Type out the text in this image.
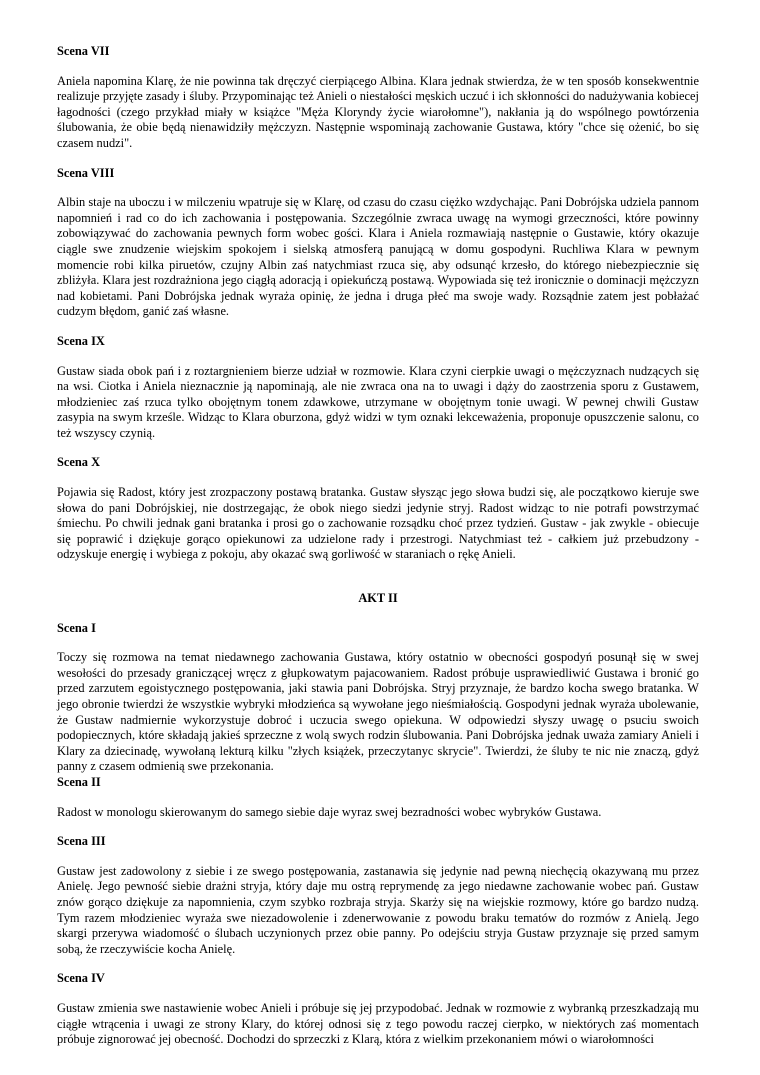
Scena VII
Aniela napomina Klarę, że nie powinna tak dręczyć cierpiącego Albina. Klara jednak stwierdza, że w ten sposób konsekwentnie realizuje przyjęte zasady i śluby. Przypominając też Anieli o niestałości męskich uczuć i ich skłonności do nadużywania kobiecej łagodności (czego przykład miały w książce "Męża Kloryndy życie wiarołomne"), nakłania ją do wspólnego powtórzenia ślubowania, że obie będą nienawidziły mężczyzn. Następnie wspominają zachowanie Gustawa, który "chce się ożenić, bo się czasem nudzi".
Scena VIII
Albin staje na uboczu i w milczeniu wpatruje się w Klarę, od czasu do czasu ciężko wzdychając. Pani Dobrójska udziela pannom napomnień i rad co do ich zachowania i postępowania. Szczególnie zwraca uwagę na wymogi grzeczności, które powinny zobowiązywać do zachowania pewnych form wobec gości. Klara i Aniela rozmawiają następnie o Gustawie, który okazuje ciągle swe znudzenie wiejskim spokojem i sielską atmosferą panującą w domu gospodyni. Ruchliwa Klara w pewnym momencie robi kilka piruetów, czujny Albin zaś natychmiast rzuca się, aby odsunąć krzesło, do którego niebezpiecznie się zbliżyła. Klara jest rozdrażniona jego ciągłą adoracją i opiekuńczą postawą. Wypowiada się też ironicznie o dominacji mężczyzn nad kobietami. Pani Dobrójska jednak wyraża opinię, że jedna i druga płeć ma swoje wady. Rozsądnie zatem jest pobłażać cudzym błędom, ganić zaś własne.
Scena IX
Gustaw siada obok pań i z roztargnieniem bierze udział w rozmowie. Klara czyni cierpkie uwagi o mężczyznach nudzących się na wsi. Ciotka i Aniela nieznacznie ją napominają, ale nie zwraca ona na to uwagi i dąży do zaostrzenia sporu z Gustawem, młodzieniec zaś rzuca tylko obojętnym tonem zdawkowe, utrzymane w obojętnym tonie uwagi. W pewnej chwili Gustaw zasypia na swym krześle. Widząc to Klara oburzona, gdyż widzi w tym oznaki lekceważenia, proponuje opuszczenie salonu, co też wszyscy czynią.
Scena X
Pojawia się Radost, który jest zrozpaczony postawą bratanka. Gustaw słysząc jego słowa budzi się, ale początkowo kieruje swe słowa do pani Dobrójskiej, nie dostrzegając, że obok niego siedzi jedynie stryj. Radost widząc to nie potrafi powstrzymać śmiechu. Po chwili jednak gani bratanka i prosi go o zachowanie rozsądku choć przez tydzień. Gustaw - jak zwykle - obiecuje się poprawić i dziękuje gorąco opiekunowi za udzielone rady i przestrogi. Natychmiast też - całkiem już przebudzony - odzyskuje energię i wybiega z pokoju, aby okazać swą gorliwość w staraniach o rękę Anieli.
AKT II
Scena I
Toczy się rozmowa na temat niedawnego zachowania Gustawa, który ostatnio w obecności gospodyń posunął się w swej wesołości do przesady graniczącej wręcz z głupkowatym pajacowaniem. Radost próbuje usprawiedliwić Gustawa i bronić go przed zarzutem egoistycznego postępowania, jaki stawia pani Dobrójska. Stryj przyznaje, że bardzo kocha swego bratanka. W jego obronie twierdzi że wszystkie wybryki młodzieńca są wywołane jego nieśmiałością. Gospodyni jednak wyraża ubolewanie, że Gustaw nadmiernie wykorzystuje dobroć i uczucia swego opiekuna. W odpowiedzi słyszy uwagę o psuciu swoich podopiecznych, które składają jakieś sprzeczne z wolą swych rodzin ślubowania. Pani Dobrójska jednak uważa zamiary Anieli i Klary za dziecinadę, wywołaną lekturą kilku "złych książek, przeczytanyc skrycie". Twierdzi, że śluby te nic nie znaczą, gdyż panny z czasem odmienią swe przekonania.
Scena II
Radost w monologu skierowanym do samego siebie daje wyraz swej bezradności wobec wybryków Gustawa.
Scena III
Gustaw jest zadowolony z siebie i ze swego postępowania, zastanawia się jedynie nad pewną niechęcią okazywaną mu przez Anielę. Jego pewność siebie drażni stryja, który daje mu ostrą reprymendę za jego niedawne zachowanie wobec pań. Gustaw znów gorąco dziękuje za napomnienia, czym szybko rozbraja stryja. Skarży się na wiejskie rozmowy, które go bardzo nudzą. Tym razem młodzieniec wyraża swe niezadowolenie i zdenerwowanie z powodu braku tematów do rozmów z Anielą. Jego skargi przerywa wiadomość o ślubach uczynionych przez obie panny. Po odejściu stryja Gustaw przyznaje się przed samym sobą, że rzeczywiście kocha Anielę.
Scena IV
Gustaw zmienia swe nastawienie wobec Anieli i próbuje się jej przypodobać. Jednak w rozmowie z wybranką przeszkadzają mu ciągłe wtrącenia i uwagi ze strony Klary, do której odnosi się z tego powodu raczej cierpko, w niektórych zaś momentach próbuje zignorować jej obecność. Dochodzi do sprzeczki z Klarą, która z wielkim przekonaniem mówi o wiarołomności
